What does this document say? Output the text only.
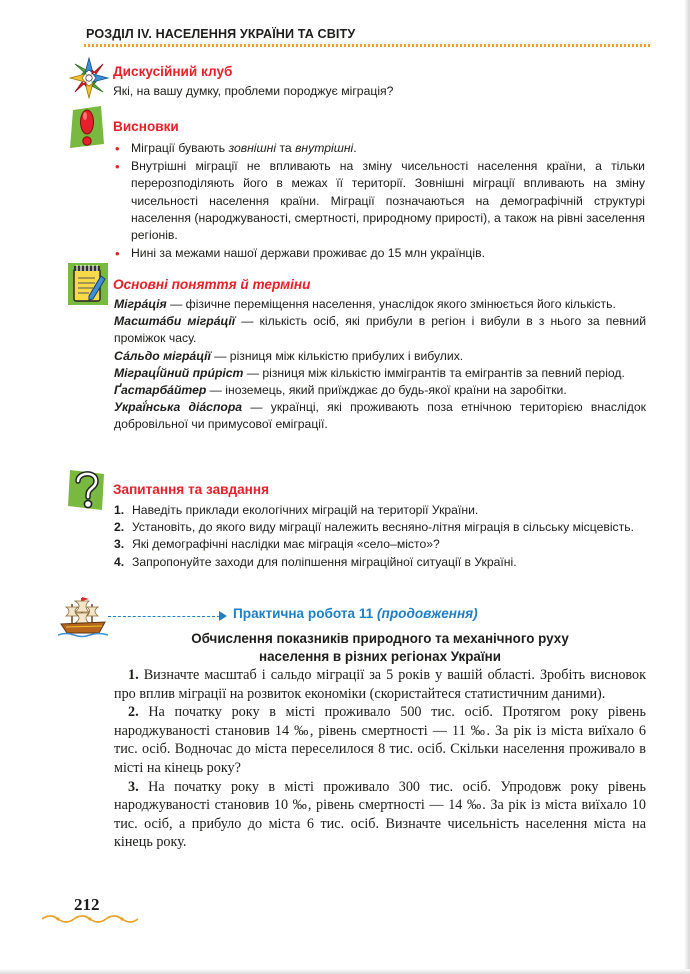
РОЗДІЛ IV. НАСЕЛЕННЯ УКРАЇНИ ТА СВІТУ
Дискусійний клуб
Які, на вашу думку, проблеми породжує міграція?
Висновки
• Міграції бувають зовнішні та внутрішні.
• Внутрішні міграції не впливають на зміну чисельності населення країни, а тільки перерозподіляють його в межах її території. Зовнішні міграції впливають на зміну чисельності населення країни. Міграції позначаються на демографічній структурі населення (народжуваності, смертності, природному прирості), а також на рівні заселення регіонів.
• Нині за межами нашої держави проживає до 15 млн українців.
Основні поняття й терміни

Мігра́ція — фізичне переміщення населення, унаслідок якого змінюється його кількість.

Масшта́би мігра́ції — кількість осіб, які прибули в регіон і вибули в з нього за певний проміжок часу.

Са́льдо мігра́ції — різниця між кількістю прибулих і вибулих.

Міграці́йний при́ріст — різниця між кількістю іммігрантів та емігрантів за певний період.

Ґастарба́йтер — іноземець, який приїжджає до будь-якої країни на заробітки.

Украї́нська діа́спора — українці, які проживають поза етнічною територією внаслідок добровільної чи примусової еміграції.

Запитання та завдання
1. Наведіть приклади екологічних міграцій на території України.
2. Установіть, до якого виду міграції належить весняно-літня міграція в сільську місцевість.
3. Які демографічні наслідки має міграція «село–місто»?
4. Запропонуйте заходи для поліпшення міграційної ситуації в Україні.
Практична робота 11 (продовження)
Обчислення показників природного та механічного руху
населення в різних регіонах України

1. Визначте масштаб і сальдо міграції за 5 років у вашій області. Зробіть висновок про вплив міграції на розвиток економіки (скористайтеся статистичним даними).

2. На початку року в місті проживало 500 тис. осіб. Протягом року рівень народжуваності становив 14 ‰, рівень смертності — 11 ‰. За рік із міста виїхало 6 тис. осіб. Водночас до міста переселилося 8 тис. осіб. Скільки населення проживало в місті на кінець року?

3. На початку року в місті проживало 300 тис. осіб. Упродовж року рівень народжуваності становив 10 ‰, рівень смертності — 14 ‰. За рік із міста виїхало 10 тис. осіб, а прибуло до міста 6 тис. осіб. Визначте чисельність населення міста на кінець року.

212
